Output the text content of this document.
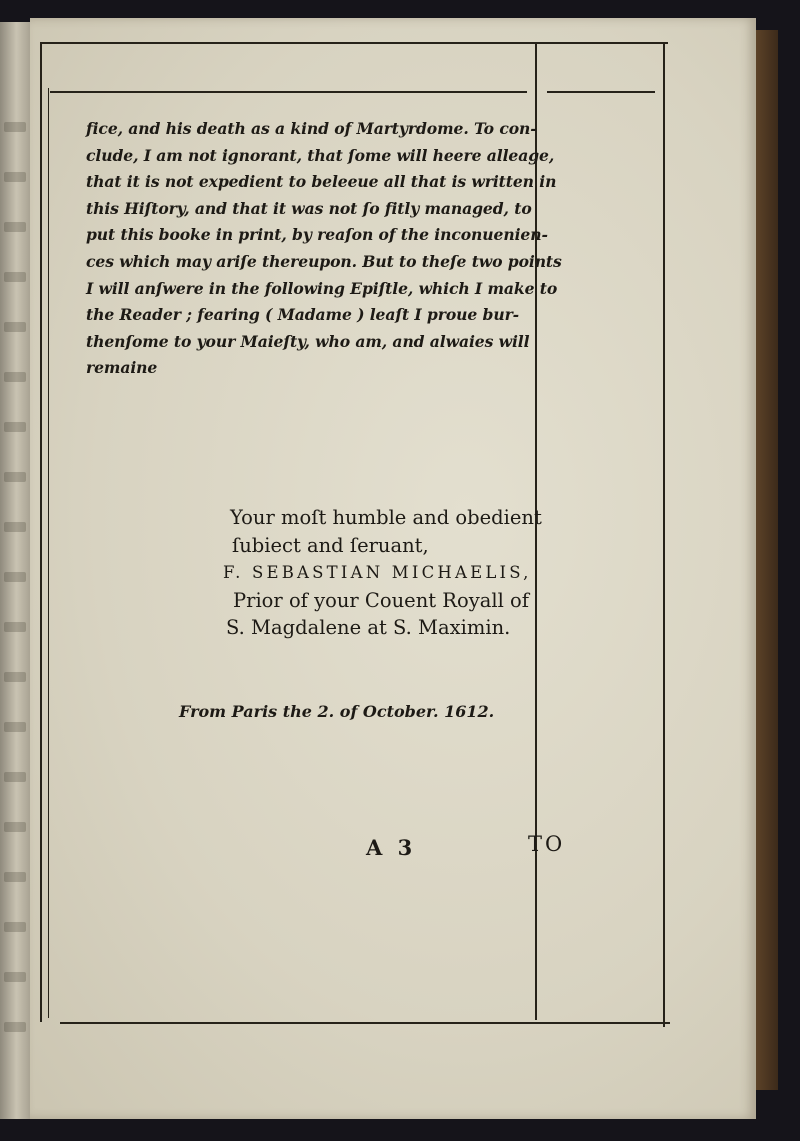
fice, and his death as a kind of Martyrdome. To con-
clude, I am not ignorant, that ſome will heere alleage,
that it is not expedient to beleeue all that is written in
this Hiſtory, and that it was not ſo fitly managed, to
put this booke in print, by reaſon of the inconuenien-
ces which may ariſe thereupon. But to theſe two points
I will anſwere in the following Epiſtle, which I make to
the Reader ; fearing ( Madame ) leaſt I proue bur-
thenſome to your Maieſty, who am, and alwaies will
remaine
Your moſt humble and obedient
ſubiect and ſeruant,
F. SEBASTIAN MICHAELIS,
Prior of your Couent Royall of
S. Magdalene at S. Maximin.
From Paris the 2. of October. 1612.
A 3	TO
